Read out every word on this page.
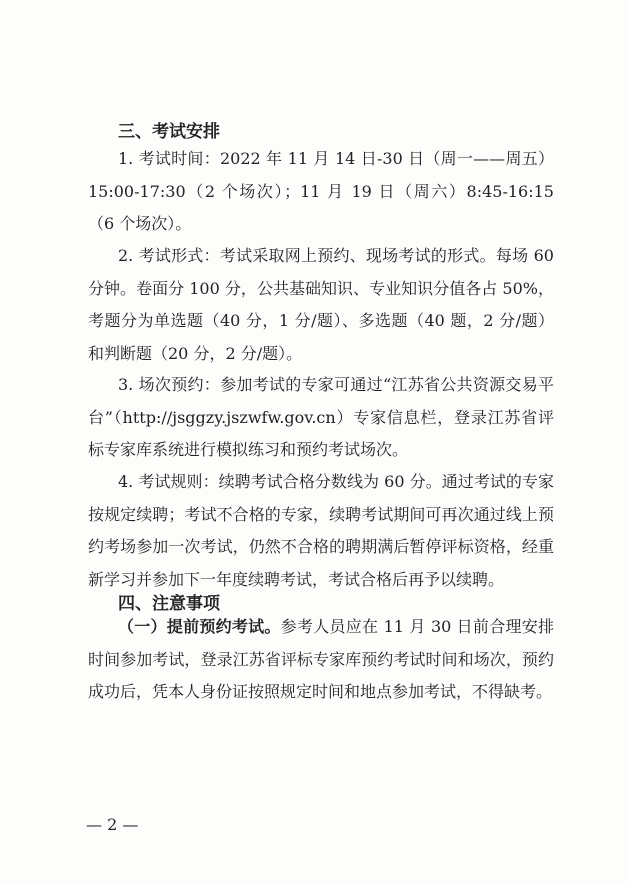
三、考试安排

1. 考试时间：2022 年 11 月 14 日-30 日（周一——周五）15:00-17:30（2 个场次）；11 月 19 日（周六）8:45-16:15（6 个场次）。

2. 考试形式：考试采取网上预约、现场考试的形式。每场 60 分钟。卷面分 100 分，公共基础知识、专业知识分值各占 50%，考题分为单选题（40 分，1 分/题）、多选题（40 题，2 分/题）和判断题（20 分，2 分/题）。

3. 场次预约：参加考试的专家可通过“江苏省公共资源交易平台”（http://jsggzy.jszwfw.gov.cn）专家信息栏，登录江苏省评标专家库系统进行模拟练习和预约考试场次。

4. 考试规则：续聘考试合格分数线为 60 分。通过考试的专家按规定续聘；考试不合格的专家，续聘考试期间可再次通过线上预约考场参加一次考试，仍然不合格的聘期满后暂停评标资格，经重新学习并参加下一年度续聘考试，考试合格后再予以续聘。

四、注意事项

（一）提前预约考试。参考人员应在 11 月 30 日前合理安排时间参加考试，登录江苏省评标专家库预约考试时间和场次，预约成功后，凭本人身份证按照规定时间和地点参加考试，不得缺考。

— 2 —
